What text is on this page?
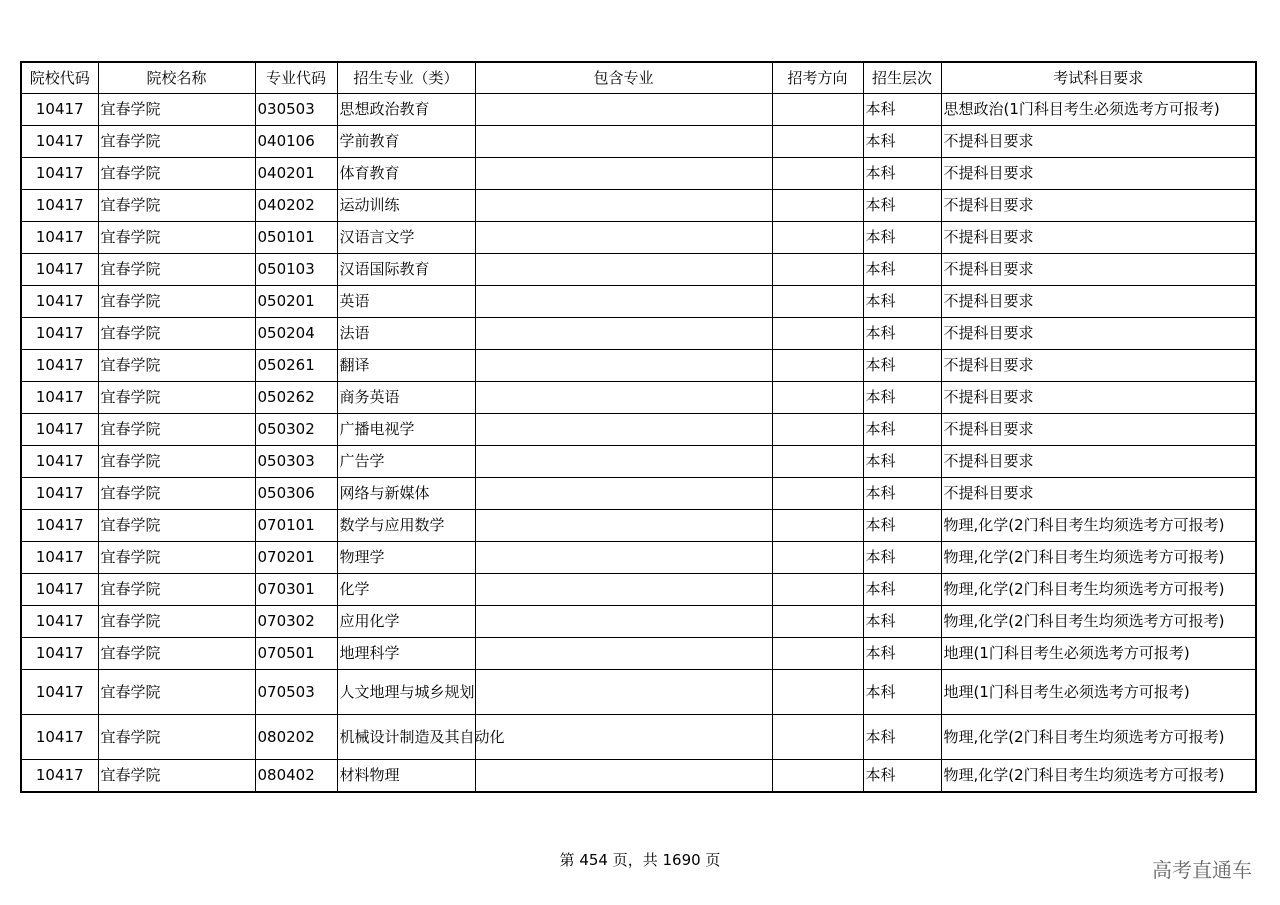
院校代码	院校名称	专业代码	招生专业（类）	包含专业	招考方向	招生层次	考试科目要求
10417	宜春学院	030503	思想政治教育			本科	思想政治(1门科目考生必须选考方可报考)
10417	宜春学院	040106	学前教育			本科	不提科目要求
10417	宜春学院	040201	体育教育			本科	不提科目要求
10417	宜春学院	040202	运动训练			本科	不提科目要求
10417	宜春学院	050101	汉语言文学			本科	不提科目要求
10417	宜春学院	050103	汉语国际教育			本科	不提科目要求
10417	宜春学院	050201	英语			本科	不提科目要求
10417	宜春学院	050204	法语			本科	不提科目要求
10417	宜春学院	050261	翻译			本科	不提科目要求
10417	宜春学院	050262	商务英语			本科	不提科目要求
10417	宜春学院	050302	广播电视学			本科	不提科目要求
10417	宜春学院	050303	广告学			本科	不提科目要求
10417	宜春学院	050306	网络与新媒体			本科	不提科目要求
10417	宜春学院	070101	数学与应用数学			本科	物理,化学(2门科目考生均须选考方可报考)
10417	宜春学院	070201	物理学			本科	物理,化学(2门科目考生均须选考方可报考)
10417	宜春学院	070301	化学			本科	物理,化学(2门科目考生均须选考方可报考)
10417	宜春学院	070302	应用化学			本科	物理,化学(2门科目考生均须选考方可报考)
10417	宜春学院	070501	地理科学			本科	地理(1门科目考生必须选考方可报考)
10417	宜春学院	070503	人文地理与城乡规划			本科	地理(1门科目考生必须选考方可报考)
10417	宜春学院	080202	机械设计制造及其自动化			本科	物理,化学(2门科目考生均须选考方可报考)
10417	宜春学院	080402	材料物理			本科	物理,化学(2门科目考生均须选考方可报考)
第 454 页，共 1690 页	高考直通车
